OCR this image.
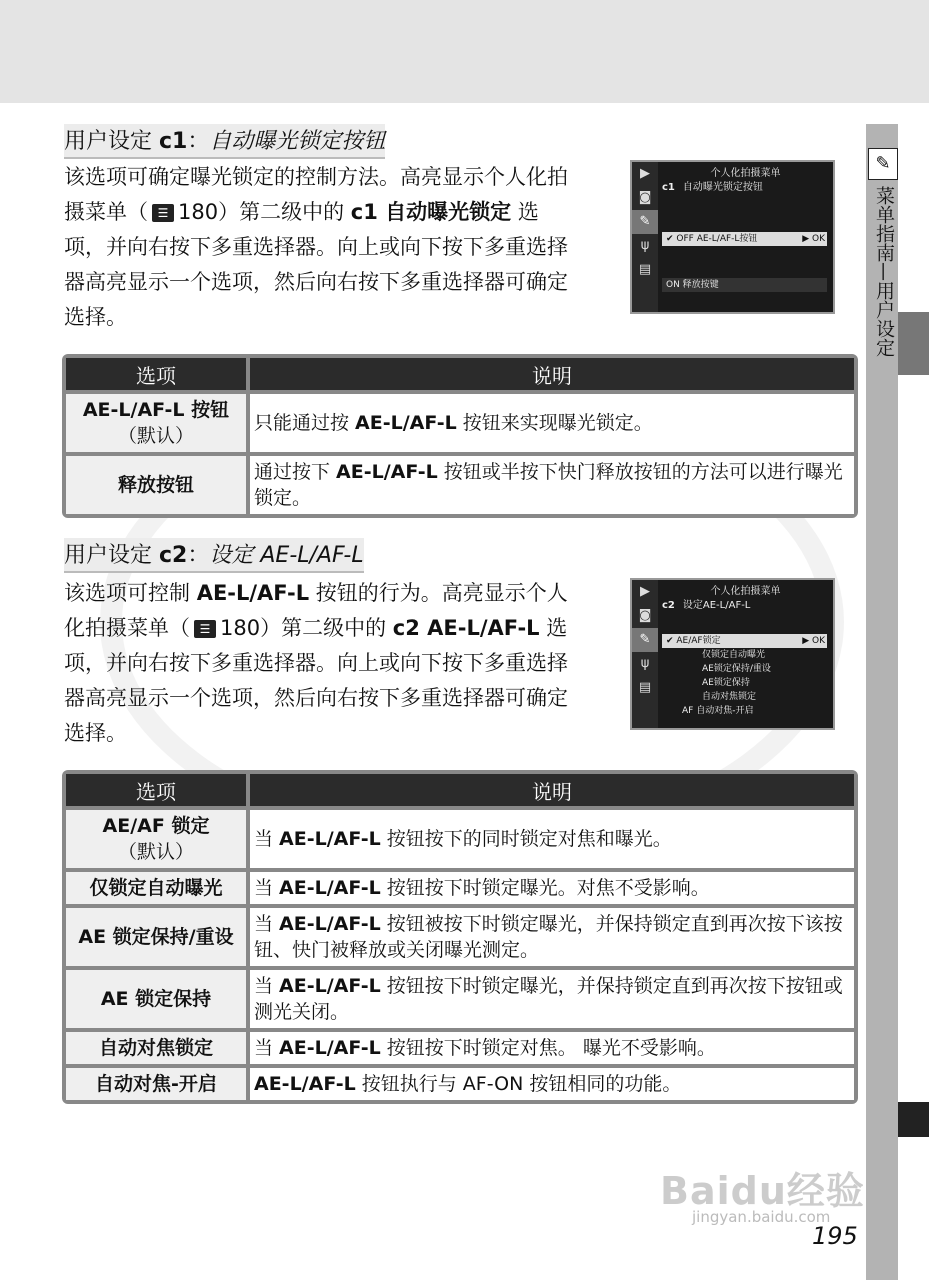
✎
菜单指南—用户设定
用户设定 c1：自动曝光锁定按钮
该选项可确定曝光锁定的控制方法。高亮显示个人化拍摄菜单（ ☰ 180）第二级中的 c1 自动曝光锁定 选项，并向右按下多重选择器。向上或向下按下多重选择器高亮显示一个选项，然后向右按下多重选择器可确定选择。
▶
◙
✎
ψ
▤
个人化拍摄菜单
c1 自动曝光锁定按钮
✔ OFF AE-L/AF-L按钮	▶ OK
ON 释放按键
选项	说明
AE-L/AF-L 按钮
（默认）	只能通过按 AE-L/AF-L 按钮来实现曝光锁定。
释放按钮	通过按下 AE-L/AF-L 按钮或半按下快门释放按钮的方法可以进行曝光锁定。
用户设定 c2：设定 AE-L/AF-L
该选项可控制 AE-L/AF-L 按钮的行为。高亮显示个人化拍摄菜单（ ☰ 180）第二级中的 c2 AE-L/AF-L 选项，并向右按下多重选择器。向上或向下按下多重选择器高亮显示一个选项，然后向右按下多重选择器可确定选择。
▶
◙
✎
ψ
▤
个人化拍摄菜单
c2 设定AE-L/AF-L
✔ AE/AF锁定	▶ OK
仅锁定自动曝光
AE锁定保持/重设
AE锁定保持
自动对焦锁定
AF 自动对焦-开启
选项	说明
AE/AF 锁定
（默认）	当 AE-L/AF-L 按钮按下的同时锁定对焦和曝光。
仅锁定自动曝光	当 AE-L/AF-L 按钮按下时锁定曝光。对焦不受影响。
AE 锁定保持/重设	当 AE-L/AF-L 按钮被按下时锁定曝光，并保持锁定直到再次按下该按钮、快门被释放或关闭曝光测定。
AE 锁定保持	当 AE-L/AF-L 按钮按下时锁定曝光，并保持锁定直到再次按下按钮或测光关闭。
自动对焦锁定	当 AE-L/AF-L 按钮按下时锁定对焦。 曝光不受影响。
自动对焦-开启	AE-L/AF-L 按钮执行与 AF-ON 按钮相同的功能。
Baidu经验
jingyan.baidu.com
195
